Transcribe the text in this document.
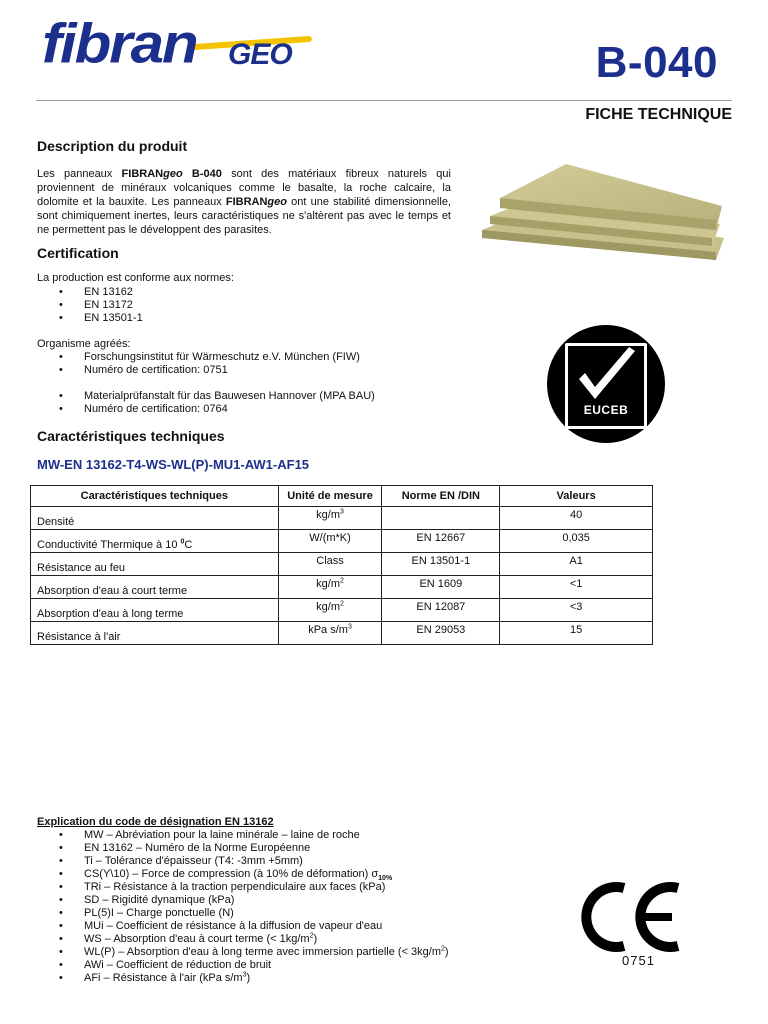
fibran GEO	B-040
FICHE TECHNIQUE
Description du produit
Les panneaux FIBRANgeo B-040 sont des matériaux fibreux naturels qui proviennent de minéraux volcaniques comme le basalte, la roche calcaire, la dolomite et la bauxite. Les panneaux FIBRANgeo ont une stabilité dimensionnelle, sont chimiquement inertes, leurs caractéristiques ne s'altèrent pas avec le temps et ne permettent pas le développent des parasites.
Certification
La production est conforme aux normes:
• EN 13162
• EN 13172
• EN 13501-1
Organisme agréés:
• Forschungsinstitut für Wärmeschutz e.V. München (FIW)
• Numéro de certification: 0751
• Materialprüfanstalt für das Bauwesen Hannover (MPA BAU)
• Numéro de certification: 0764	EUCEB
Caractéristiques techniques
MW-EN 13162-T4-WS-WL(P)-MU1-AW1-AF15
Caractéristiques techniques	Unité de mesure	Norme EN /DIN	Valeurs
Densité	$kg/m^3$		40
Conductivité Thermique à 10 $^0$C	W/(m*K)	EN 12667	0,035
Résistance au feu	Class	EN 13501-1	A1
Absorption d'eau à court terme	$kg/m^2$	EN 1609	<1
Absorption d'eau à long terme	$kg/m^2$	EN 12087	<3
Résistance à l'air	kPa $s/m^3$	EN 29053	15
Explication du code de désignation EN 13162
• MW – Abréviation pour la laine minérale – laine de roche
• EN 13162 – Numéro de la Norme Européenne
• Ti – Tolérance d'épaisseur (T4: -3mm +5mm)
• CS(Y\10) – Force de compression (à 10% de déformation) $\sigma_{10\%}$
• TRi – Résistance à la traction perpendiculaire aux faces (kPa)
• SD – Rigidité dynamique (kPa)
• PL(5)I – Charge ponctuelle (N)
• MUi – Coefficient de résistance à la diffusion de vapeur d'eau
• WS – Absorption d'eau à court terme (< $1kg/m^2$)
• WL(P) – Absorption d'eau à long terme avec immersion partielle (< $3kg/m^2$)
• AWi – Coefficient de réduction de bruit
• AFi – Résistance à l'air (kPa $s/m^3$)
0751
